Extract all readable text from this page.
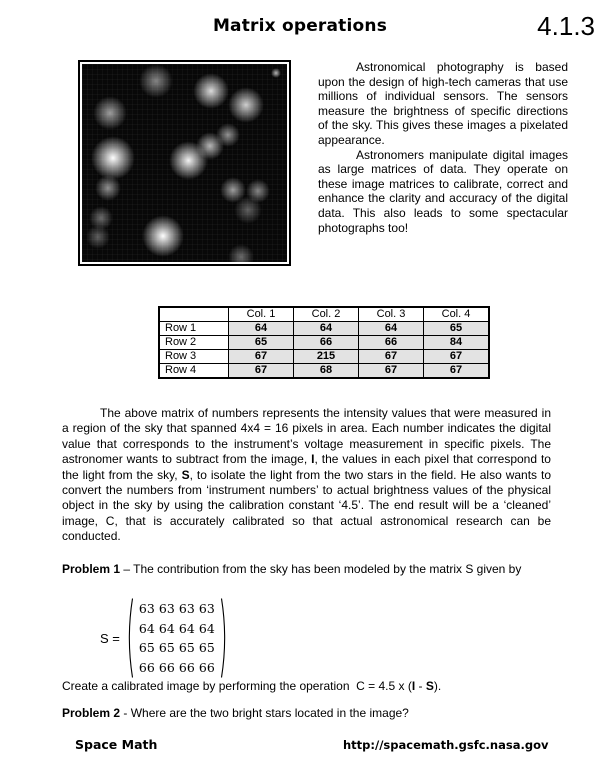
Matrix operations	4.1.3

Astronomical photography is based upon the design of high-tech cameras that use millions of individual sensors. The sensors measure the brightness of specific directions of the sky. This gives these images a pixelated appearance.

Astronomers manipulate digital images as large matrices of data. They operate on these image matrices to calibrate, correct and enhance the clarity and accuracy of the digital data. This also leads to some spectacular photographs too!

	Col. 1	Col. 2	Col. 3	Col. 4
Row 1	64	64	64	65
Row 2	65	66	66	84
Row 3	67	215	67	67
Row 4	67	68	67	67

The above matrix of numbers represents the intensity values that were measured in a region of the sky that spanned 4x4 = 16 pixels in area. Each number indicates the digital value that corresponds to the instrument’s voltage measurement in specific pixels. The astronomer wants to subtract from the image, I, the values in each pixel that correspond to the light from the sky, S, to isolate the light from the two stars in the field. He also wants to convert the numbers from ‘instrument numbers’ to actual brightness values of the physical object in the sky by using the calibration constant ‘4.5’. The end result will be a ‘cleaned’ image, C, that is accurately calibrated so that actual astronomical research can be conducted.

Problem 1 – The contribution from the sky has been modeled by the matrix S given by
S =
63 63 63 63
64 64 64 64
65 65 65 65
66 66 66 66
Create a calibrated image by performing the operation  C = 4.5 x (I - S).
Problem 2 - Where are the two bright stars located in the image?
Space Math	http://spacemath.gsfc.nasa.gov
